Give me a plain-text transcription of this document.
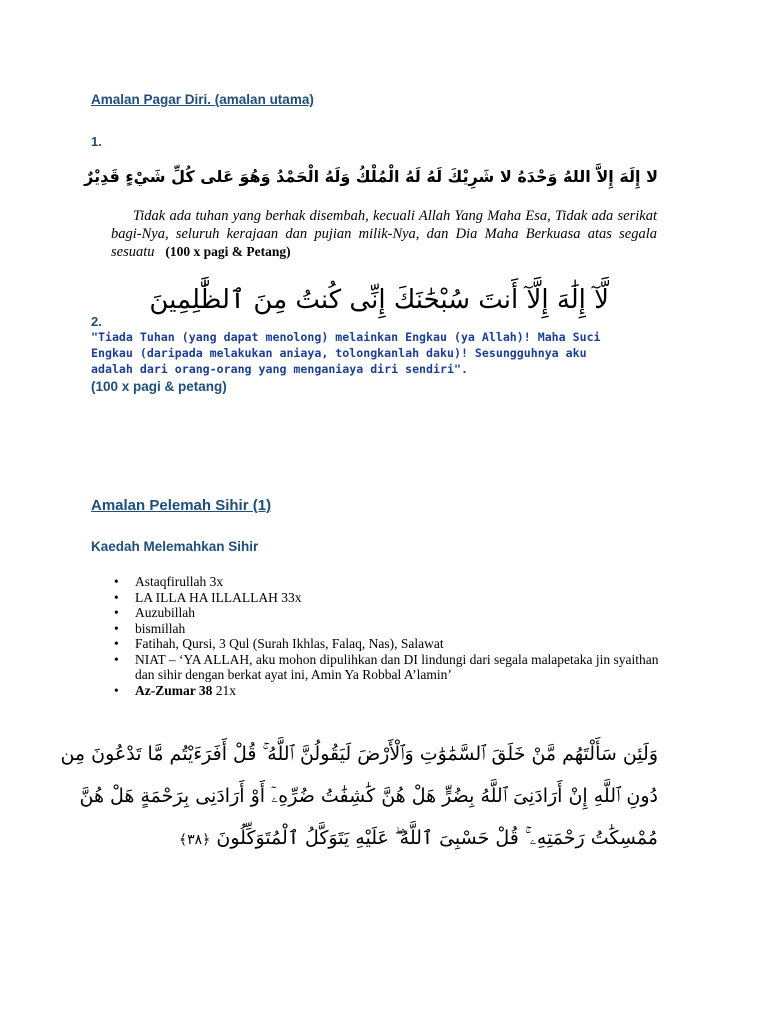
Amalan Pagar Diri. (amalan utama)
1.
لا إِلَهَ إِلاَّ اللهُ وَحْدَهُ لا شَرِيْكَ لَهُ لَهُ الْمُلْكُ وَلَهُ الْحَمْدُ وَهُوَ عَلى كُلِّ شَيْءٍ قَدِيْرٌ
Tidak ada tuhan yang berhak disembah, kecuali Allah Yang Maha Esa, Tidak ada serikat bagi-Nya, seluruh kerajaan dan pujian milik-Nya, dan Dia Maha Berkuasa atas segala sesuatu (100 x pagi & Petang)
لَّآ إِلَٰهَ إِلَّآ أَنتَ سُبْحَٰنَكَ إِنِّى كُنتُ مِنَ ٱلظَّٰلِمِينَ
2.
"Tiada Tuhan (yang dapat menolong) melainkan Engkau (ya Allah)! Maha Suci
Engkau (daripada melakukan aniaya, tolongkanlah daku)! Sesungguhnya aku
adalah dari orang-orang yang menganiaya diri sendiri".
(100 x pagi & petang)
Amalan Pelemah Sihir (1)
Kaedah Melemahkan Sihir
• Astaqfirullah 3x
• LA ILLA HA ILLALLAH 33x
• Auzubillah
• bismillah
• Fatihah, Qursi, 3 Qul (Surah Ikhlas, Falaq, Nas), Salawat
• NIAT – ‘YA ALLAH, aku mohon dipulihkan dan DI lindungi dari segala malapetaka jin syaithan dan sihir dengan berkat ayat ini, Amin Ya Robbal A’lamin’
• Az-Zumar 38 21x
وَلَئِن سَأَلْتَهُم مَّنْ خَلَقَ ٱلسَّمَٰوَٰتِ وَٱلْأَرْضَ لَيَقُولُنَّ ٱللَّهُ ۚ قُلْ أَفَرَءَيْتُم مَّا تَدْعُونَ مِن
دُونِ ٱللَّهِ إِنْ أَرَادَنِىَ ٱللَّهُ بِضُرٍّ هَلْ هُنَّ كَٰشِفَٰتُ ضُرِّهِۦٓ أَوْ أَرَادَنِى بِرَحْمَةٍ هَلْ هُنَّ
مُمْسِكَٰتُ رَحْمَتِهِۦ ۚ قُلْ حَسْبِىَ ٱللَّهُ ۖ عَلَيْهِ يَتَوَكَّلُ ٱلْمُتَوَكِّلُونَ ﴿٣٨﴾
